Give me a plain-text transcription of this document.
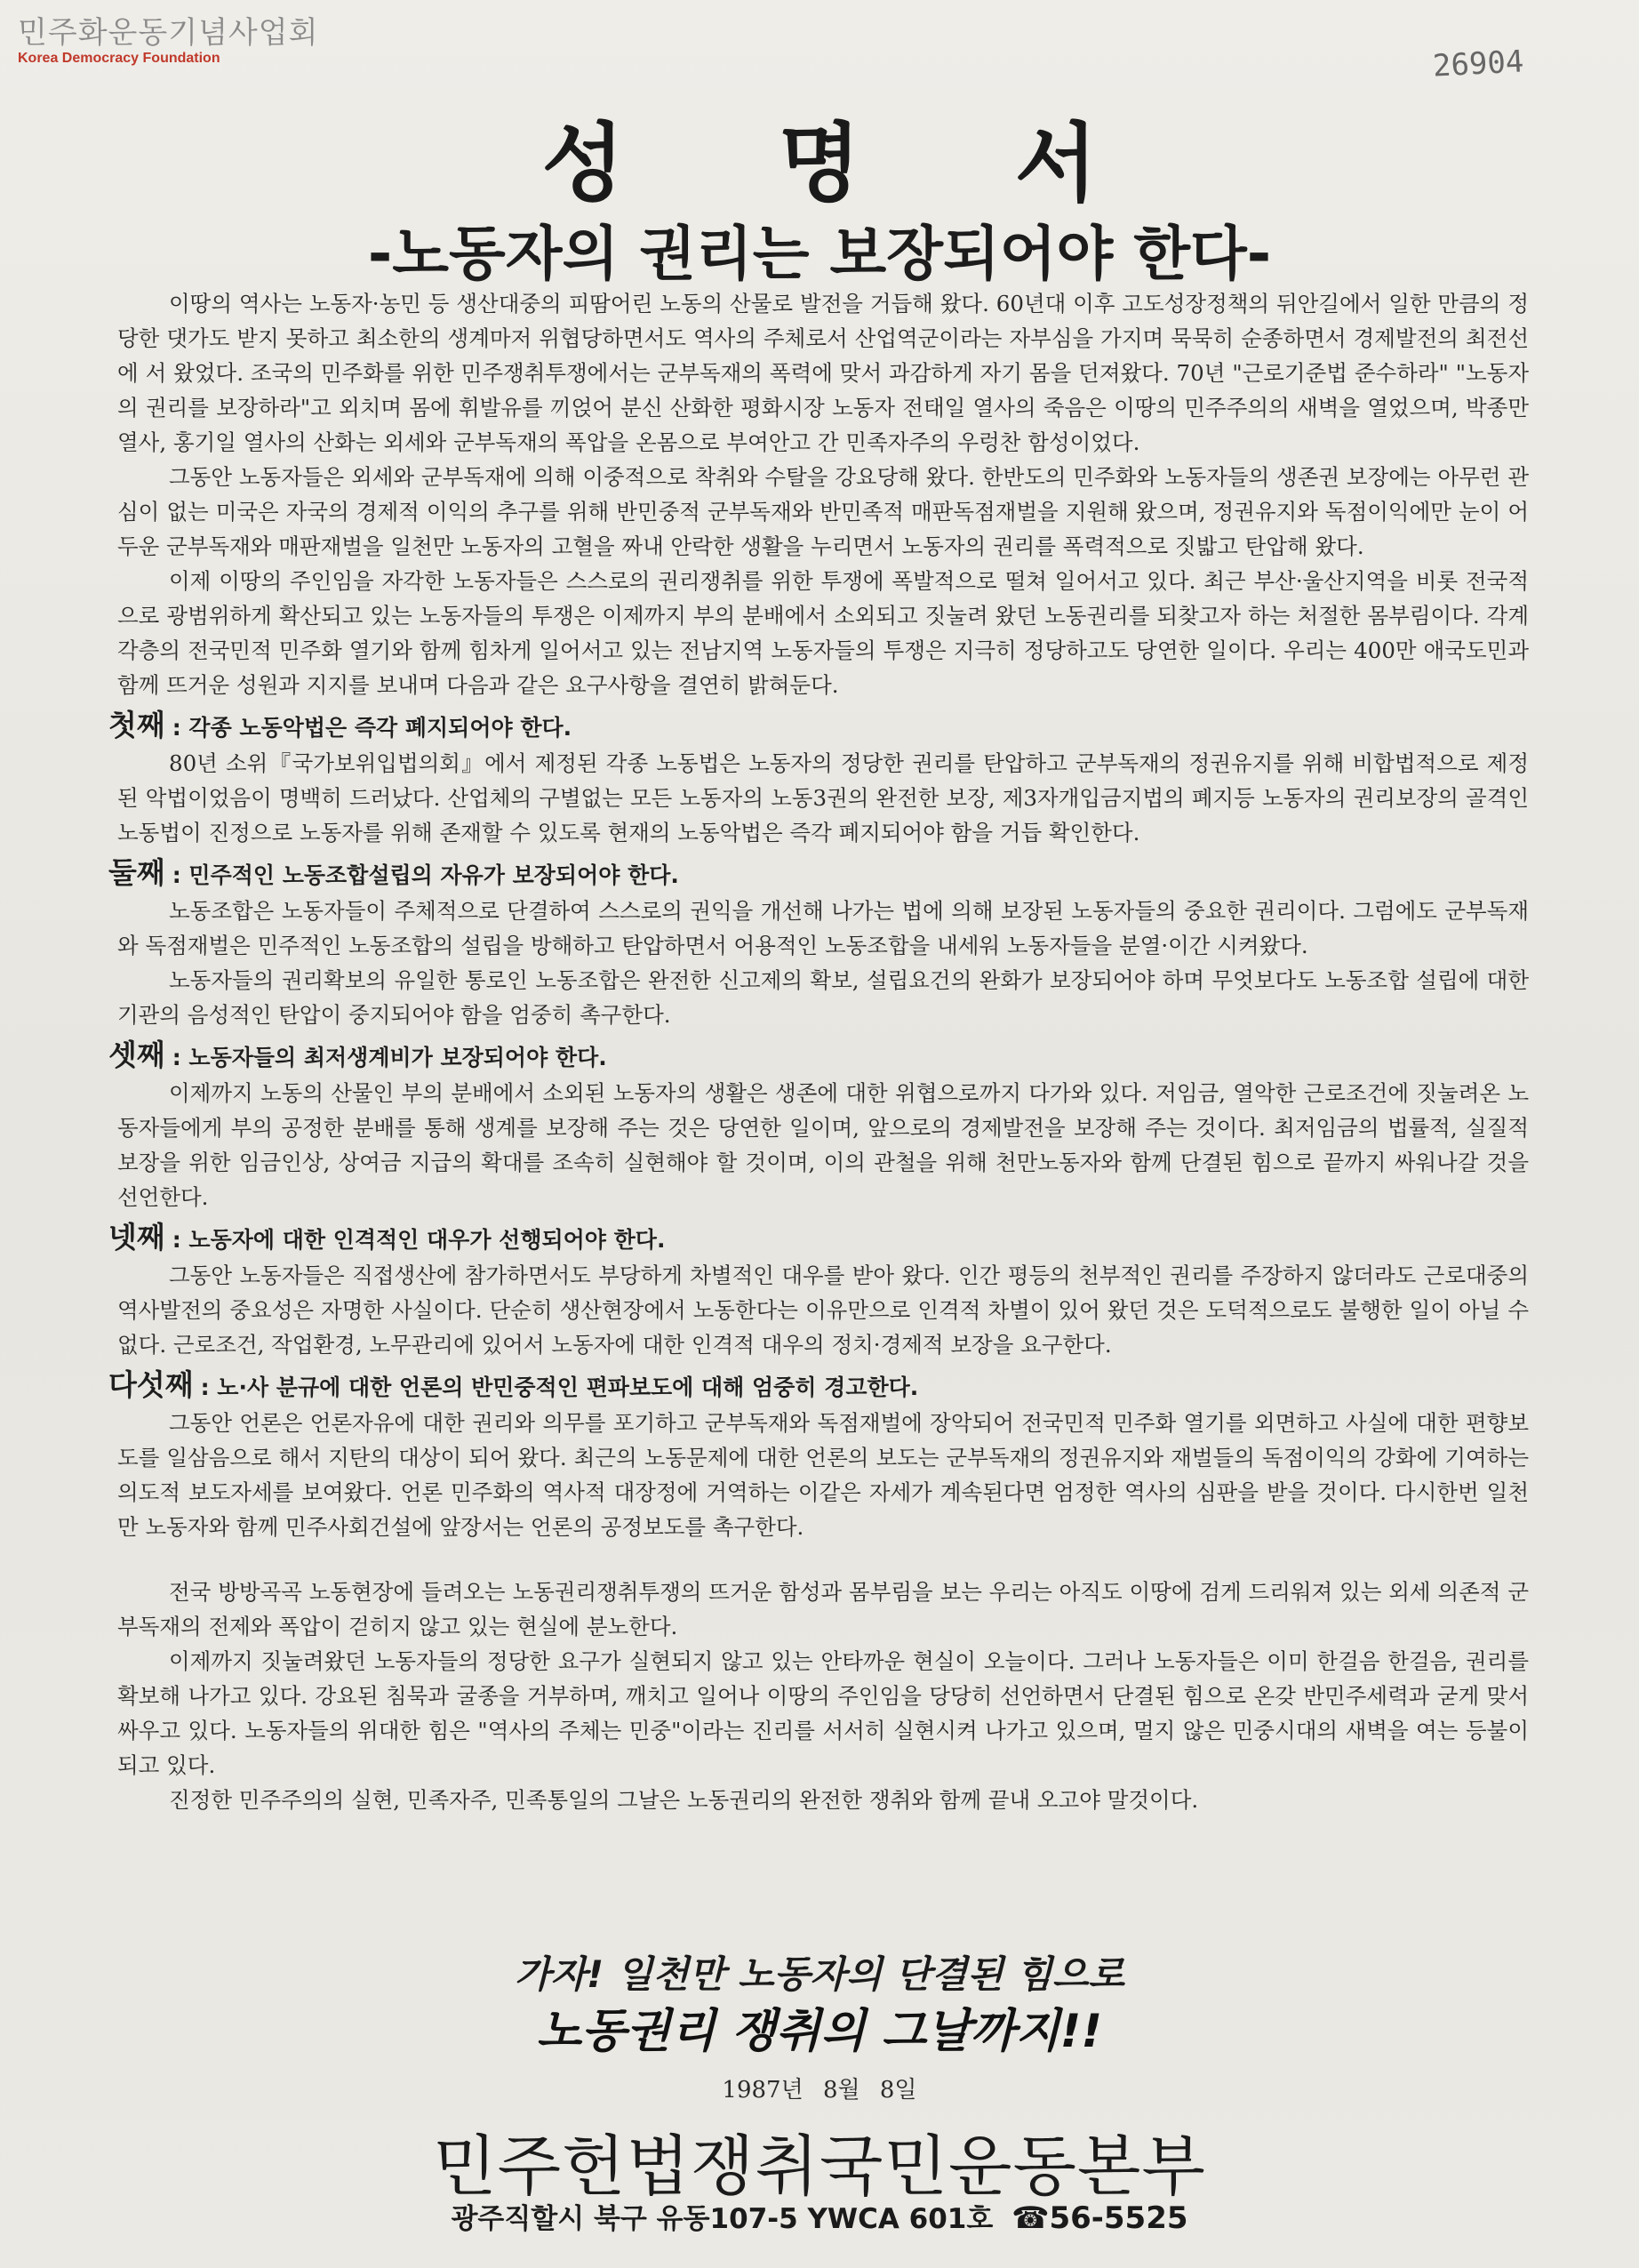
민주화운동기념사업회
Korea Democracy Foundation	26904
성 명 서
-노동자의 권리는 보장되어야 한다-

이땅의 역사는 노동자·농민 등 생산대중의 피땀어린 노동의 산물로 발전을 거듭해 왔다. 60년대 이후 고도성장정책의 뒤안길에서 일한 만큼의 정당한 댓가도 받지 못하고 최소한의 생계마저 위협당하면서도 역사의 주체로서 산업역군이라는 자부심을 가지며 묵묵히 순종하면서 경제발전의 최전선에 서 왔었다. 조국의 민주화를 위한 민주쟁취투쟁에서는 군부독재의 폭력에 맞서 과감하게 자기 몸을 던져왔다. 70년 "근로기준법 준수하라" "노동자의 권리를 보장하라"고 외치며 몸에 휘발유를 끼얹어 분신 산화한 평화시장 노동자 전태일 열사의 죽음은 이땅의 민주주의의 새벽을 열었으며, 박종만 열사, 홍기일 열사의 산화는 외세와 군부독재의 폭압을 온몸으로 부여안고 간 민족자주의 우렁찬 함성이었다.

그동안 노동자들은 외세와 군부독재에 의해 이중적으로 착취와 수탈을 강요당해 왔다. 한반도의 민주화와 노동자들의 생존권 보장에는 아무런 관심이 없는 미국은 자국의 경제적 이익의 추구를 위해 반민중적 군부독재와 반민족적 매판독점재벌을 지원해 왔으며, 정권유지와 독점이익에만 눈이 어두운 군부독재와 매판재벌을 일천만 노동자의 고혈을 짜내 안락한 생활을 누리면서 노동자의 권리를 폭력적으로 짓밟고 탄압해 왔다.

이제 이땅의 주인임을 자각한 노동자들은 스스로의 권리쟁취를 위한 투쟁에 폭발적으로 떨쳐 일어서고 있다. 최근 부산·울산지역을 비롯 전국적으로 광범위하게 확산되고 있는 노동자들의 투쟁은 이제까지 부의 분배에서 소외되고 짓눌려 왔던 노동권리를 되찾고자 하는 처절한 몸부림이다. 각계 각층의 전국민적 민주화 열기와 함께 힘차게 일어서고 있는 전남지역 노동자들의 투쟁은 지극히 정당하고도 당연한 일이다. 우리는 400만 애국도민과 함께 뜨거운 성원과 지지를 보내며 다음과 같은 요구사항을 결연히 밝혀둔다.

첫째 : 각종 노동악법은 즉각 폐지되어야 한다.

80년 소위『국가보위입법의회』에서 제정된 각종 노동법은 노동자의 정당한 권리를 탄압하고 군부독재의 정권유지를 위해 비합법적으로 제정된 악법이었음이 명백히 드러났다. 산업체의 구별없는 모든 노동자의 노동3권의 완전한 보장, 제3자개입금지법의 폐지등 노동자의 권리보장의 골격인 노동법이 진정으로 노동자를 위해 존재할 수 있도록 현재의 노동악법은 즉각 폐지되어야 함을 거듭 확인한다.

둘째 : 민주적인 노동조합설립의 자유가 보장되어야 한다.

노동조합은 노동자들이 주체적으로 단결하여 스스로의 권익을 개선해 나가는 법에 의해 보장된 노동자들의 중요한 권리이다. 그럼에도 군부독재와 독점재벌은 민주적인 노동조합의 설립을 방해하고 탄압하면서 어용적인 노동조합을 내세워 노동자들을 분열·이간 시켜왔다.

노동자들의 권리확보의 유일한 통로인 노동조합은 완전한 신고제의 확보, 설립요건의 완화가 보장되어야 하며 무엇보다도 노동조합 설립에 대한 기관의 음성적인 탄압이 중지되어야 함을 엄중히 촉구한다.

셋째 : 노동자들의 최저생계비가 보장되어야 한다.

이제까지 노동의 산물인 부의 분배에서 소외된 노동자의 생활은 생존에 대한 위협으로까지 다가와 있다. 저임금, 열악한 근로조건에 짓눌려온 노동자들에게 부의 공정한 분배를 통해 생계를 보장해 주는 것은 당연한 일이며, 앞으로의 경제발전을 보장해 주는 것이다. 최저임금의 법률적, 실질적 보장을 위한 임금인상, 상여금 지급의 확대를 조속히 실현해야 할 것이며, 이의 관철을 위해 천만노동자와 함께 단결된 힘으로 끝까지 싸워나갈 것을 선언한다.

넷째 : 노동자에 대한 인격적인 대우가 선행되어야 한다.

그동안 노동자들은 직접생산에 참가하면서도 부당하게 차별적인 대우를 받아 왔다. 인간 평등의 천부적인 권리를 주장하지 않더라도 근로대중의 역사발전의 중요성은 자명한 사실이다. 단순히 생산현장에서 노동한다는 이유만으로 인격적 차별이 있어 왔던 것은 도덕적으로도 불행한 일이 아닐 수 없다. 근로조건, 작업환경, 노무관리에 있어서 노동자에 대한 인격적 대우의 정치·경제적 보장을 요구한다.

다섯째 : 노·사 분규에 대한 언론의 반민중적인 편파보도에 대해 엄중히 경고한다.

그동안 언론은 언론자유에 대한 권리와 의무를 포기하고 군부독재와 독점재벌에 장악되어 전국민적 민주화 열기를 외면하고 사실에 대한 편향보도를 일삼음으로 해서 지탄의 대상이 되어 왔다. 최근의 노동문제에 대한 언론의 보도는 군부독재의 정권유지와 재벌들의 독점이익의 강화에 기여하는 의도적 보도자세를 보여왔다. 언론 민주화의 역사적 대장정에 거역하는 이같은 자세가 계속된다면 엄정한 역사의 심판을 받을 것이다. 다시한번 일천만 노동자와 함께 민주사회건설에 앞장서는 언론의 공정보도를 촉구한다.

전국 방방곡곡 노동현장에 들려오는 노동권리쟁취투쟁의 뜨거운 함성과 몸부림을 보는 우리는 아직도 이땅에 검게 드리워져 있는 외세 의존적 군부독재의 전제와 폭압이 걷히지 않고 있는 현실에 분노한다.

이제까지 짓눌려왔던 노동자들의 정당한 요구가 실현되지 않고 있는 안타까운 현실이 오늘이다. 그러나 노동자들은 이미 한걸음 한걸음, 권리를 확보해 나가고 있다. 강요된 침묵과 굴종을 거부하며, 깨치고 일어나 이땅의 주인임을 당당히 선언하면서 단결된 힘으로 온갖 반민주세력과 굳게 맞서 싸우고 있다. 노동자들의 위대한 힘은 "역사의 주체는 민중"이라는 진리를 서서히 실현시켜 나가고 있으며, 멀지 않은 민중시대의 새벽을 여는 등불이 되고 있다.

진정한 민주주의의 실현, 민족자주, 민족통일의 그날은 노동권리의 완전한 쟁취와 함께 끝내 오고야 말것이다.

가자! 일천만 노동자의 단결된 힘으로
노동권리 쟁취의 그날까지!!
1987년 8월 8일
민주헌법쟁취국민운동본부
광주직할시 북구 유동107-5 YWCA 601호 ☎56-5525
